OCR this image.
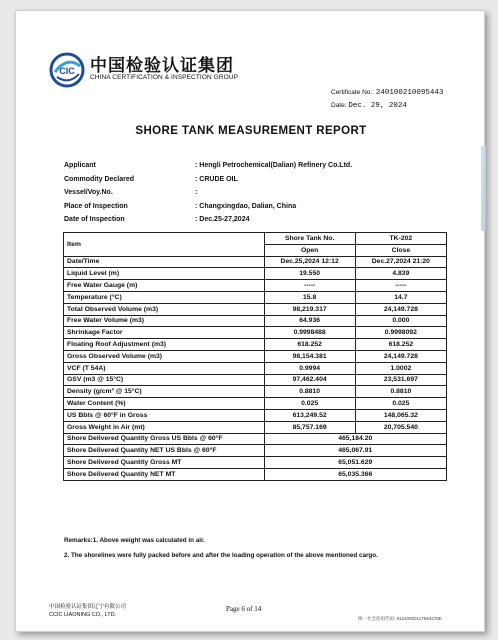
CIC 中国检验认证集团
CHINA CERTIFICATION & INSPECTION GROUP
Certificate No.: 240100210095443
Date: Dec. 29, 2024
SHORE TANK MEASUREMENT REPORT
Applicant	: Hengli Petrochemical(Dalian) Refinery Co.Ltd.
Commodity Declared	: CRUDE OIL
Vessel/Voy.No.	:
Place of Inspection	: Changxingdao, Dalian, China
Date of Inspection	: Dec.25-27,2024
Item	Shore Tank No.	TK-202
	Open	Close
Date/Time	Dec.25,2024 12:12	Dec.27,2024 21:20
Liquid Level (m)	19.550	4.839
Free Water Gauge (m)	-----	-----
Temperature (°C)	15.8	14.7
Total Observed Volume (m3)	98,219.317	24,149.728
Free Water Volume (m3)	64.936	0.000
Shrinkage Factor	0.9998488	0.9998092
Floating Roof Adjustment (m3)	618.252	618.252
Gross Observed Volume (m3)	98,154.381	24,149.728
VCF (T 54A)	0.9994	1.0002
GSV (m3 @ 15°C)	97,462.404	23,531.697
Density (g/cm³ @ 15°C)	0.8810	0.8810
Water Content (%)	0.025	0.025
US Bbls @ 60°F in Gross	613,249.52	148,065.32
Gross Weight in Air (mt)	85,757.169	20,705.540
Shore Delivered Quantity Gross US Bbls @ 60°F	465,184.20	
Shore Delivered Quantity NET US Bbls @ 60°F	465,067.91	
Shore Delivered Quantity Gross MT	65,051.629	
Shore Delivered Quantity NET MT	65,035.366	
Remarks:1. Above weight was calculated in air.
2. The shorelines were fully packed before and after the loading operation of the above mentioned cargo.
中国检验认证集团辽宁有限公司
CCIC LIAONING CO., LTD.
Page 6 of 14
统一社会信用代码: 91210000117584478E
